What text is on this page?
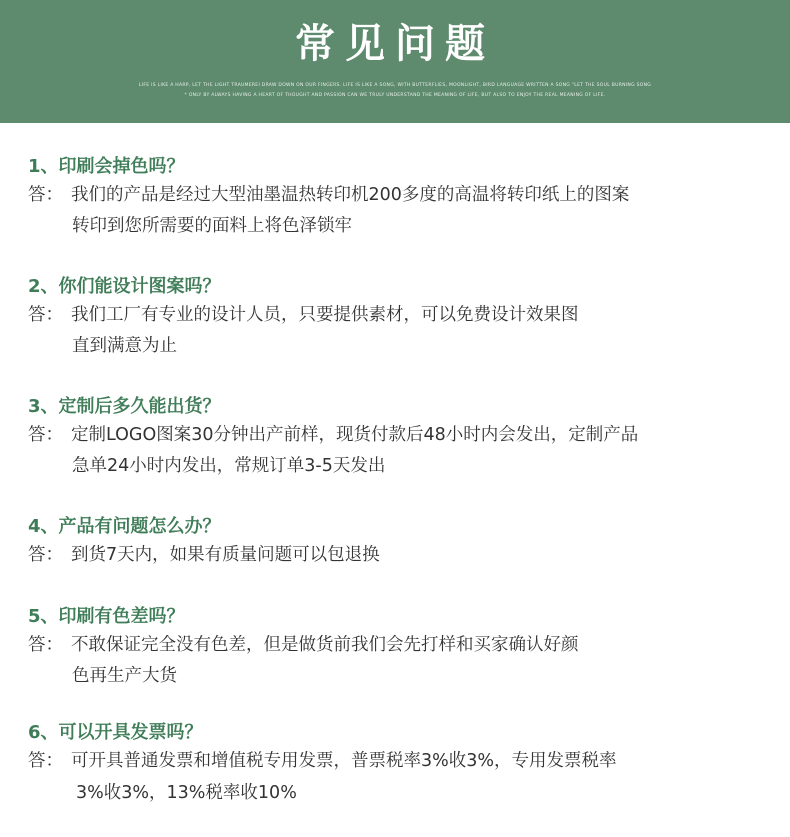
常见问题
LIFE IS LIKE A HARP, LET THE LIGHT TRAUMEREI DRAW DOWN ON OUR FINGERS. LIFE IS LIKE A SONG, WITH BUTTERFLIES, MOONLIGHT, BIRD LANGUAGE WRITTEN A SONG “LET THE SOUL BURNING SONG
* ONLY BY ALWAYS HAVING A HEART OF THOUGHT AND PASSION CAN WE TRULY UNDERSTAND THE MEANING OF LIFE, BUT ALSO TO ENJOY THE REAL MEANING OF LIFE.
1、印刷会掉色吗？
答： 我们的产品是经过大型油墨温热转印机200多度的高温将转印纸上的图案
转印到您所需要的面料上将色泽锁牢
2、你们能设计图案吗？
答： 我们工厂有专业的设计人员，只要提供素材，可以免费设计效果图
直到满意为止
3、定制后多久能出货？
答： 定制LOGO图案30分钟出产前样，现货付款后48小时内会发出，定制产品
急单24小时内发出，常规订单3-5天发出
4、产品有问题怎么办？
答： 到货7天内，如果有质量问题可以包退换
5、印刷有色差吗？
答： 不敢保证完全没有色差，但是做货前我们会先打样和买家确认好颜
色再生产大货
6、可以开具发票吗？
答： 可开具普通发票和增值税专用发票，普票税率3%收3%，专用发票税率
3%收3%，13%税率收10%
